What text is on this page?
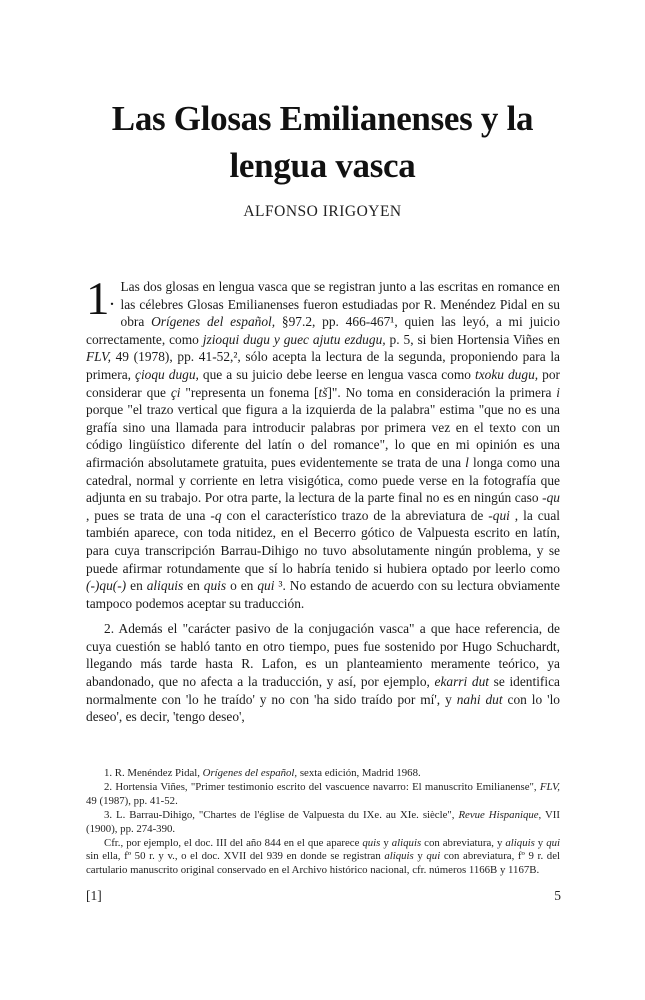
Las Glosas Emilianenses y la
lengua vasca
ALFONSO IRIGOYEN

1.
Las dos glosas en lengua vasca que se registran junto a las escritas en romance en las célebres Glosas Emilianenses fueron estudiadas por R. Menéndez Pidal en su obra Orígenes del español, §97.2, pp. 466-467¹, quien las leyó, a mi juicio correctamente, como jzioqui dugu y guec ajutu ezdugu, p. 5, si bien Hortensia Viñes en FLV, 49 (1978), pp. 41-52,², sólo acepta la lectura de la segunda, proponiendo para la primera, çioqu dugu, que a su juicio debe leerse en lengua vasca como txoku dugu, por considerar que çi "representa un fonema [tš]". No toma en consideración la primera i porque "el trazo vertical que figura a la izquierda de la palabra" estima "que no es una grafía sino una llamada para introducir palabras por primera vez en el texto con un código lingüístico diferente del latín o del romance", lo que en mi opinión es una afirmación absolutamete gratuita, pues evidentemente se trata de una l longa como una catedral, normal y corriente en letra visigótica, como puede verse en la fotografía que adjunta en su trabajo. Por otra parte, la lectura de la parte final no es en ningún caso -qu , pues se trata de una -q con el característico trazo de la abreviatura de -qui , la cual también aparece, con toda nitidez, en el Becerro gótico de Valpuesta escrito en latín, para cuya transcripción Barrau-Dihigo no tuvo absolutamente ningún problema, y se puede afirmar rotundamente que sí lo habría tenido si hubiera optado por leerlo como (-)qu(-) en aliquis en quis o en qui ³. No estando de acuerdo con su lectura obviamente tampoco podemos aceptar su traducción.

2. Además el "carácter pasivo de la conjugación vasca" a que hace referencia, de cuya cuestión se habló tanto en otro tiempo, pues fue sostenido por Hugo Schuchardt, llegando más tarde hasta R. Lafon, es un planteamiento meramente teórico, ya abandonado, que no afecta a la traducción, y así, por ejemplo, ekarri dut se identifica normalmente con 'lo he traído' y no con 'ha sido traído por mí', y nahi dut con lo 'lo deseo', es decir, 'tengo deseo',

1. R. Menéndez Pidal, Orígenes del español, sexta edición, Madrid 1968.

2. Hortensia Viñes, "Primer testimonio escrito del vascuence navarro: El manuscrito Emilianense", FLV, 49 (1987), pp. 41-52.

3. L. Barrau-Dihigo, "Chartes de l'église de Valpuesta du IXe. au XIe. siècle", Revue Hispanique, VII (1900), pp. 274-390.

Cfr., por ejemplo, el doc. III del año 844 en el que aparece quis y aliquis con abreviatura, y aliquis y qui sin ella, fº 50 r. y v., o el doc. XVII del 939 en donde se registran aliquis y qui con abreviatura, fº 9 r. del cartulario manuscrito original conservado en el Archivo histórico nacional, cfr. números 1166B y 1167B.

[1]	5
